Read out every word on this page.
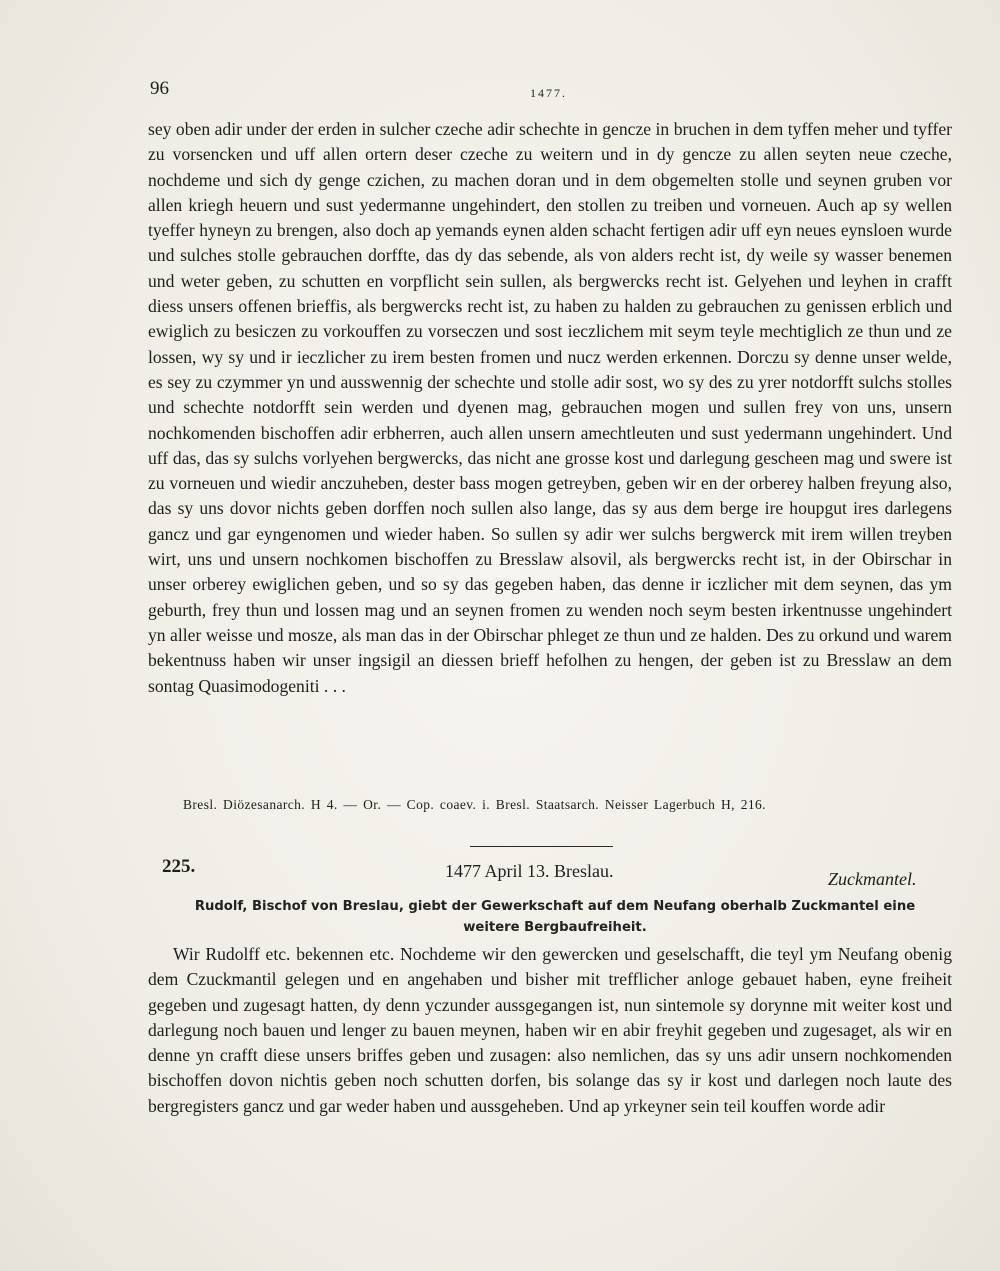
96	1477.

sey oben adir under der erden in sulcher czeche adir schechte in gencze in bruchen in dem tyffen meher und tyffer zu vorsencken und uff allen ortern deser czeche zu weitern und in dy gencze zu allen seyten neue czeche, nochdeme und sich dy genge czichen, zu machen doran und in dem obgemelten stolle und seynen gruben vor allen kriegh heuern und sust yedermanne ungehindert, den stollen zu treiben und vorneuen. Auch ap sy wellen tyeffer hyneyn zu brengen, also doch ap yemands eynen alden schacht fertigen adir uff eyn neues eynsloen wurde und sulches stolle gebrauchen dorffte, das dy das sebende, als von alders recht ist, dy weile sy wasser benemen und weter geben, zu schutten en vorpflicht sein sullen, als bergwercks recht ist. Gelyehen und leyhen in crafft diess unsers offenen brieffis, als bergwercks recht ist, zu haben zu halden zu gebrauchen zu genissen erblich und ewiglich zu besiczen zu vorkouffen zu vorseczen und sost ieczlichem mit seym teyle mechtiglich ze thun und ze lossen, wy sy und ir ieczlicher zu irem besten fromen und nucz werden erkennen. Dorczu sy denne unser welde, es sey zu czymmer yn und ausswennig der schechte und stolle adir sost, wo sy des zu yrer notdorfft sulchs stolles und schechte notdorfft sein werden und dyenen mag, gebrauchen mogen und sullen frey von uns, unsern nochkomenden bischoffen adir erbherren, auch allen unsern amechtleuten und sust yedermann ungehindert. Und uff das, das sy sulchs vorlyehen bergwercks, das nicht ane grosse kost und darlegung gescheen mag und swere ist zu vorneuen und wiedir anczuheben, dester bass mogen getreyben, geben wir en der orberey halben freyung also, das sy uns dovor nichts geben dorffen noch sullen also lange, das sy aus dem berge ire houpgut ires darlegens gancz und gar eyngenomen und wieder haben. So sullen sy adir wer sulchs bergwerck mit irem willen treyben wirt, uns und unsern nochkomen bischoffen zu Bresslaw alsovil, als bergwercks recht ist, in der Obirschar in unser orberey ewiglichen geben, und so sy das gegeben haben, das denne ir iczlicher mit dem seynen, das ym geburth, frey thun und lossen mag und an seynen fromen zu wenden noch seym besten irkentnusse ungehindert yn aller weisse und mosze, als man das in der Obirschar phleget ze thun und ze halden. Des zu orkund und warem bekentnuss haben wir unser ingsigil an diessen brieff hefolhen zu hengen, der geben ist zu Bresslaw an dem sontag Quasimodogeniti . . .

Bresl. Diözesanarch. H 4. — Or. — Cop. coaev. i. Bresl. Staatsarch. Neisser Lagerbuch H, 216.
225.	1477 April 13. Breslau.	Zuckmantel.
Rudolf, Bischof von Breslau, giebt der Gewerkschaft auf dem Neufang oberhalb Zuckmantel eine weitere Bergbaufreiheit.

Wir Rudolff etc. bekennen etc. Nochdeme wir den gewercken und geselschafft, die teyl ym Neufang obenig dem Czuckmantil gelegen und en angehaben und bisher mit trefflicher anloge gebauet haben, eyne freiheit gegeben und zugesagt hatten, dy denn yczunder aussgegangen ist, nun sintemole sy dorynne mit weiter kost und darlegung noch bauen und lenger zu bauen meynen, haben wir en abir freyhit gegeben und zugesaget, als wir en denne yn crafft diese unsers briffes geben und zusagen: also nemlichen, das sy uns adir unsern nochkomenden bischoffen dovon nichtis geben noch schutten dorfen, bis solange das sy ir kost und darlegen noch laute des bergregisters gancz und gar weder haben und aussgeheben. Und ap yrkeyner sein teil kouffen worde adir
